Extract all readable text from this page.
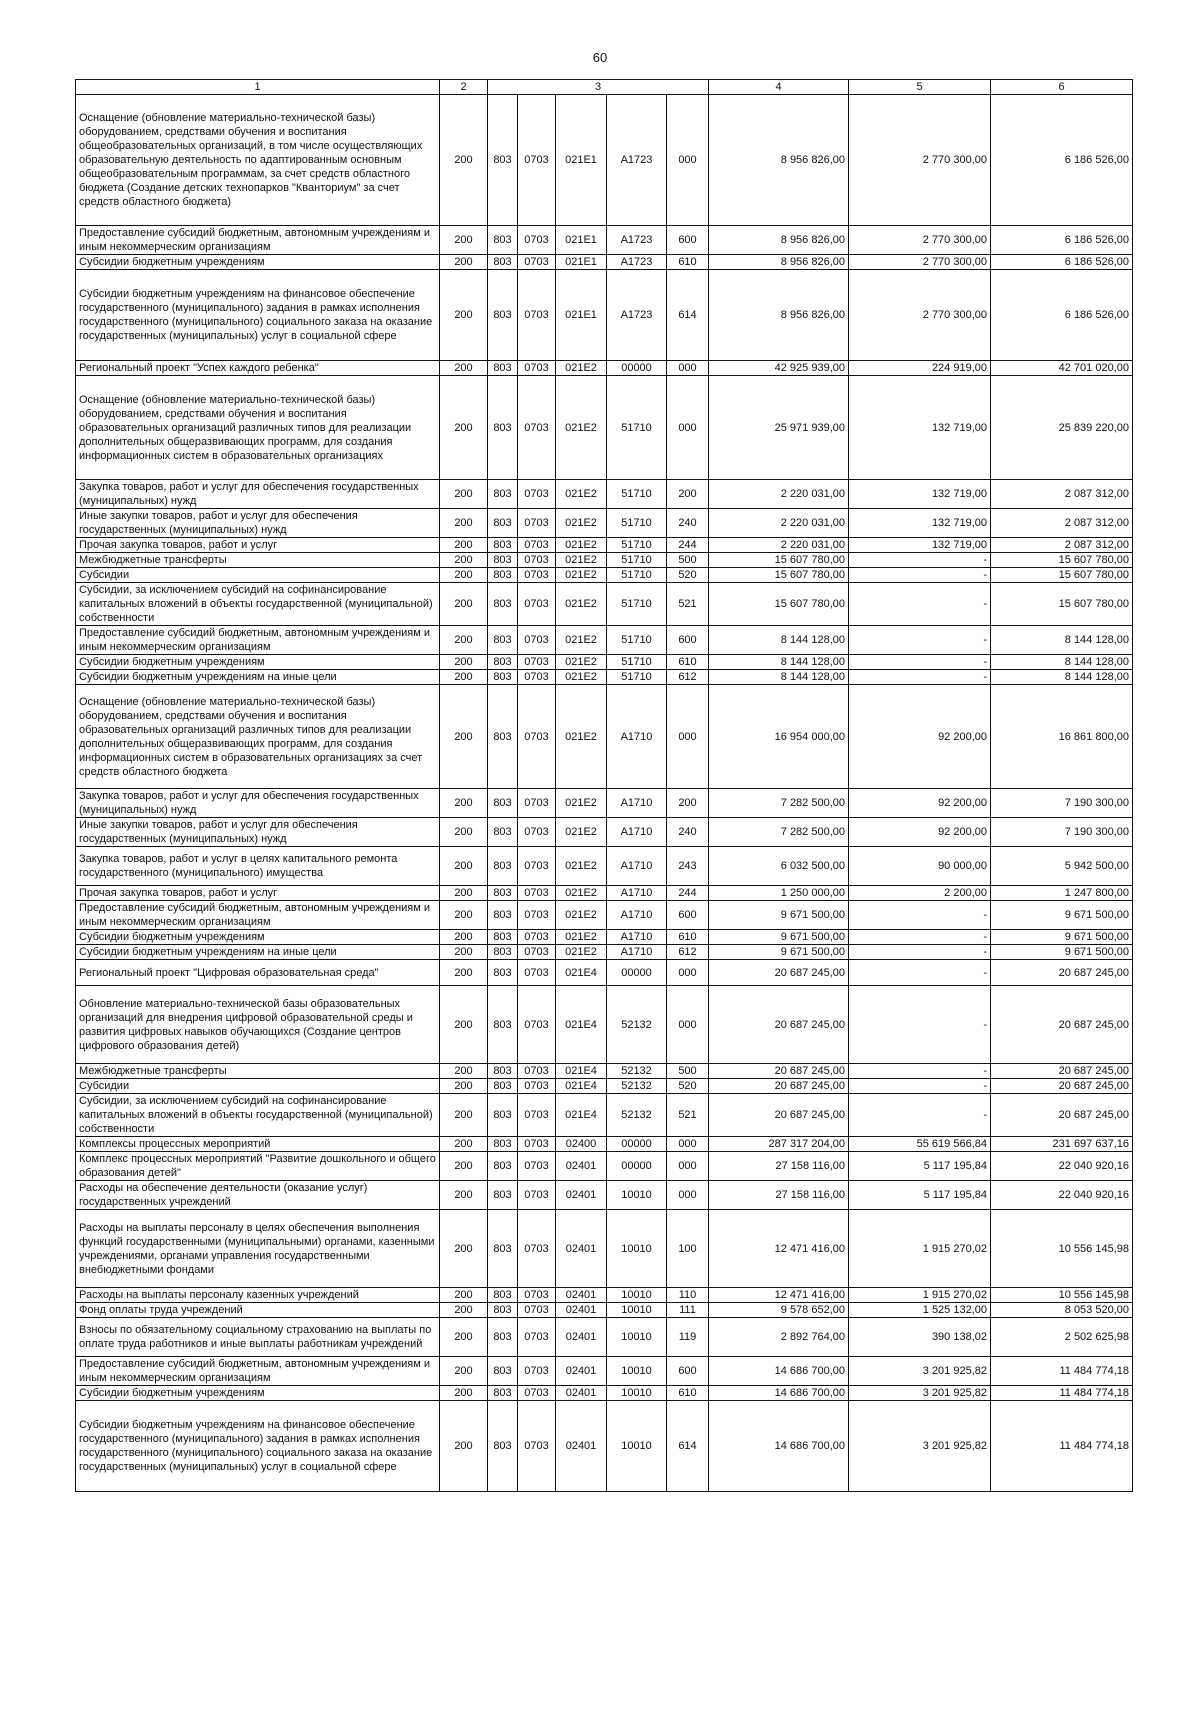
60
1	2	3					4	5	6
Оснащение (обновление материально-технической базы) оборудованием, средствами обучения и воспитания общеобразовательных организаций, в том числе осуществляющих образовательную деятельность по адаптированным основным общеобразовательным программам, за счет средств областного бюджета (Создание детских технопарков "Кванториум" за счет средств областного бюджета)	200	803	0703	021E1	А1723	000	8 956 826,00	2 770 300,00	6 186 526,00
Предоставление субсидий бюджетным, автономным учреждениям и иным некоммерческим организациям	200	803	0703	021E1	А1723	600	8 956 826,00	2 770 300,00	6 186 526,00
Субсидии бюджетным учреждениям	200	803	0703	021E1	А1723	610	8 956 826,00	2 770 300,00	6 186 526,00
Субсидии бюджетным учреждениям на финансовое обеспечение государственного (муниципального) задания в рамках исполнения государственного (муниципального) социального заказа на оказание государственных (муниципальных) услуг в социальной сфере	200	803	0703	021E1	А1723	614	8 956 826,00	2 770 300,00	6 186 526,00
Региональный проект "Успех каждого ребенка"	200	803	0703	021E2	00000	000	42 925 939,00	224 919,00	42 701 020,00
Оснащение (обновление материально-технической базы) оборудованием, средствами обучения и воспитания образовательных организаций различных типов для реализации дополнительных общеразвивающих программ, для создания информационных систем в образовательных организациях	200	803	0703	021E2	51710	000	25 971 939,00	132 719,00	25 839 220,00
Закупка товаров, работ и услуг для обеспечения государственных (муниципальных) нужд	200	803	0703	021E2	51710	200	2 220 031,00	132 719,00	2 087 312,00
Иные закупки товаров, работ и услуг для обеспечения государственных (муниципальных) нужд	200	803	0703	021E2	51710	240	2 220 031,00	132 719,00	2 087 312,00
Прочая закупка товаров, работ и услуг	200	803	0703	021E2	51710	244	2 220 031,00	132 719,00	2 087 312,00
Межбюджетные трансферты	200	803	0703	021E2	51710	500	15 607 780,00	-	15 607 780,00
Субсидии	200	803	0703	021E2	51710	520	15 607 780,00	-	15 607 780,00
Субсидии, за исключением субсидий на софинансирование капитальных вложений в объекты государственной (муниципальной) собственности	200	803	0703	021E2	51710	521	15 607 780,00	-	15 607 780,00
Предоставление субсидий бюджетным, автономным учреждениям и иным некоммерческим организациям	200	803	0703	021E2	51710	600	8 144 128,00	-	8 144 128,00
Субсидии бюджетным учреждениям	200	803	0703	021E2	51710	610	8 144 128,00	-	8 144 128,00
Субсидии бюджетным учреждениям на иные цели	200	803	0703	021E2	51710	612	8 144 128,00	-	8 144 128,00
Оснащение (обновление материально-технической базы) оборудованием, средствами обучения и воспитания образовательных организаций различных типов для реализации дополнительных общеразвивающих программ, для создания информационных систем в образовательных организациях за счет средств областного бюджета	200	803	0703	021E2	А1710	000	16 954 000,00	92 200,00	16 861 800,00
Закупка товаров, работ и услуг для обеспечения государственных (муниципальных) нужд	200	803	0703	021E2	А1710	200	7 282 500,00	92 200,00	7 190 300,00
Иные закупки товаров, работ и услуг для обеспечения государственных (муниципальных) нужд	200	803	0703	021E2	А1710	240	7 282 500,00	92 200,00	7 190 300,00
Закупка товаров, работ и услуг в целях капитального ремонта государственного (муниципального) имущества	200	803	0703	021E2	А1710	243	6 032 500,00	90 000,00	5 942 500,00
Прочая закупка товаров, работ и услуг	200	803	0703	021E2	А1710	244	1 250 000,00	2 200,00	1 247 800,00
Предоставление субсидий бюджетным, автономным учреждениям и иным некоммерческим организациям	200	803	0703	021E2	А1710	600	9 671 500,00	-	9 671 500,00
Субсидии бюджетным учреждениям	200	803	0703	021E2	А1710	610	9 671 500,00	-	9 671 500,00
Субсидии бюджетным учреждениям на иные цели	200	803	0703	021E2	А1710	612	9 671 500,00	-	9 671 500,00
Региональный проект "Цифровая образовательная среда"	200	803	0703	021E4	00000	000	20 687 245,00	-	20 687 245,00
Обновление материально-технической базы образовательных организаций для внедрения цифровой образовательной среды и развития цифровых навыков обучающихся (Создание центров цифрового образования детей)	200	803	0703	021E4	52132	000	20 687 245,00	-	20 687 245,00
Межбюджетные трансферты	200	803	0703	021E4	52132	500	20 687 245,00	-	20 687 245,00
Субсидии	200	803	0703	021E4	52132	520	20 687 245,00	-	20 687 245,00
Субсидии, за исключением субсидий на софинансирование капитальных вложений в объекты государственной (муниципальной) собственности	200	803	0703	021E4	52132	521	20 687 245,00	-	20 687 245,00
Комплексы процессных мероприятий	200	803	0703	02400	00000	000	287 317 204,00	55 619 566,84	231 697 637,16
Комплекс процессных мероприятий "Развитие дошкольного и общего образования детей"	200	803	0703	02401	00000	000	27 158 116,00	5 117 195,84	22 040 920,16
Расходы на обеспечение деятельности (оказание услуг) государственных учреждений	200	803	0703	02401	10010	000	27 158 116,00	5 117 195,84	22 040 920,16
Расходы на выплаты персоналу в целях обеспечения выполнения функций государственными (муниципальными) органами, казенными учреждениями, органами управления государственными внебюджетными фондами	200	803	0703	02401	10010	100	12 471 416,00	1 915 270,02	10 556 145,98
Расходы на выплаты персоналу казенных учреждений	200	803	0703	02401	10010	110	12 471 416,00	1 915 270,02	10 556 145,98
Фонд оплаты труда учреждений	200	803	0703	02401	10010	111	9 578 652,00	1 525 132,00	8 053 520,00
Взносы по обязательному социальному страхованию на выплаты по оплате труда работников и иные выплаты работникам учреждений	200	803	0703	02401	10010	119	2 892 764,00	390 138,02	2 502 625,98
Предоставление субсидий бюджетным, автономным учреждениям и иным некоммерческим организациям	200	803	0703	02401	10010	600	14 686 700,00	3 201 925,82	11 484 774,18
Субсидии бюджетным учреждениям	200	803	0703	02401	10010	610	14 686 700,00	3 201 925,82	11 484 774,18
Субсидии бюджетным учреждениям на финансовое обеспечение государственного (муниципального) задания в рамках исполнения государственного (муниципального) социального заказа на оказание государственных (муниципальных) услуг в социальной сфере	200	803	0703	02401	10010	614	14 686 700,00	3 201 925,82	11 484 774,18
